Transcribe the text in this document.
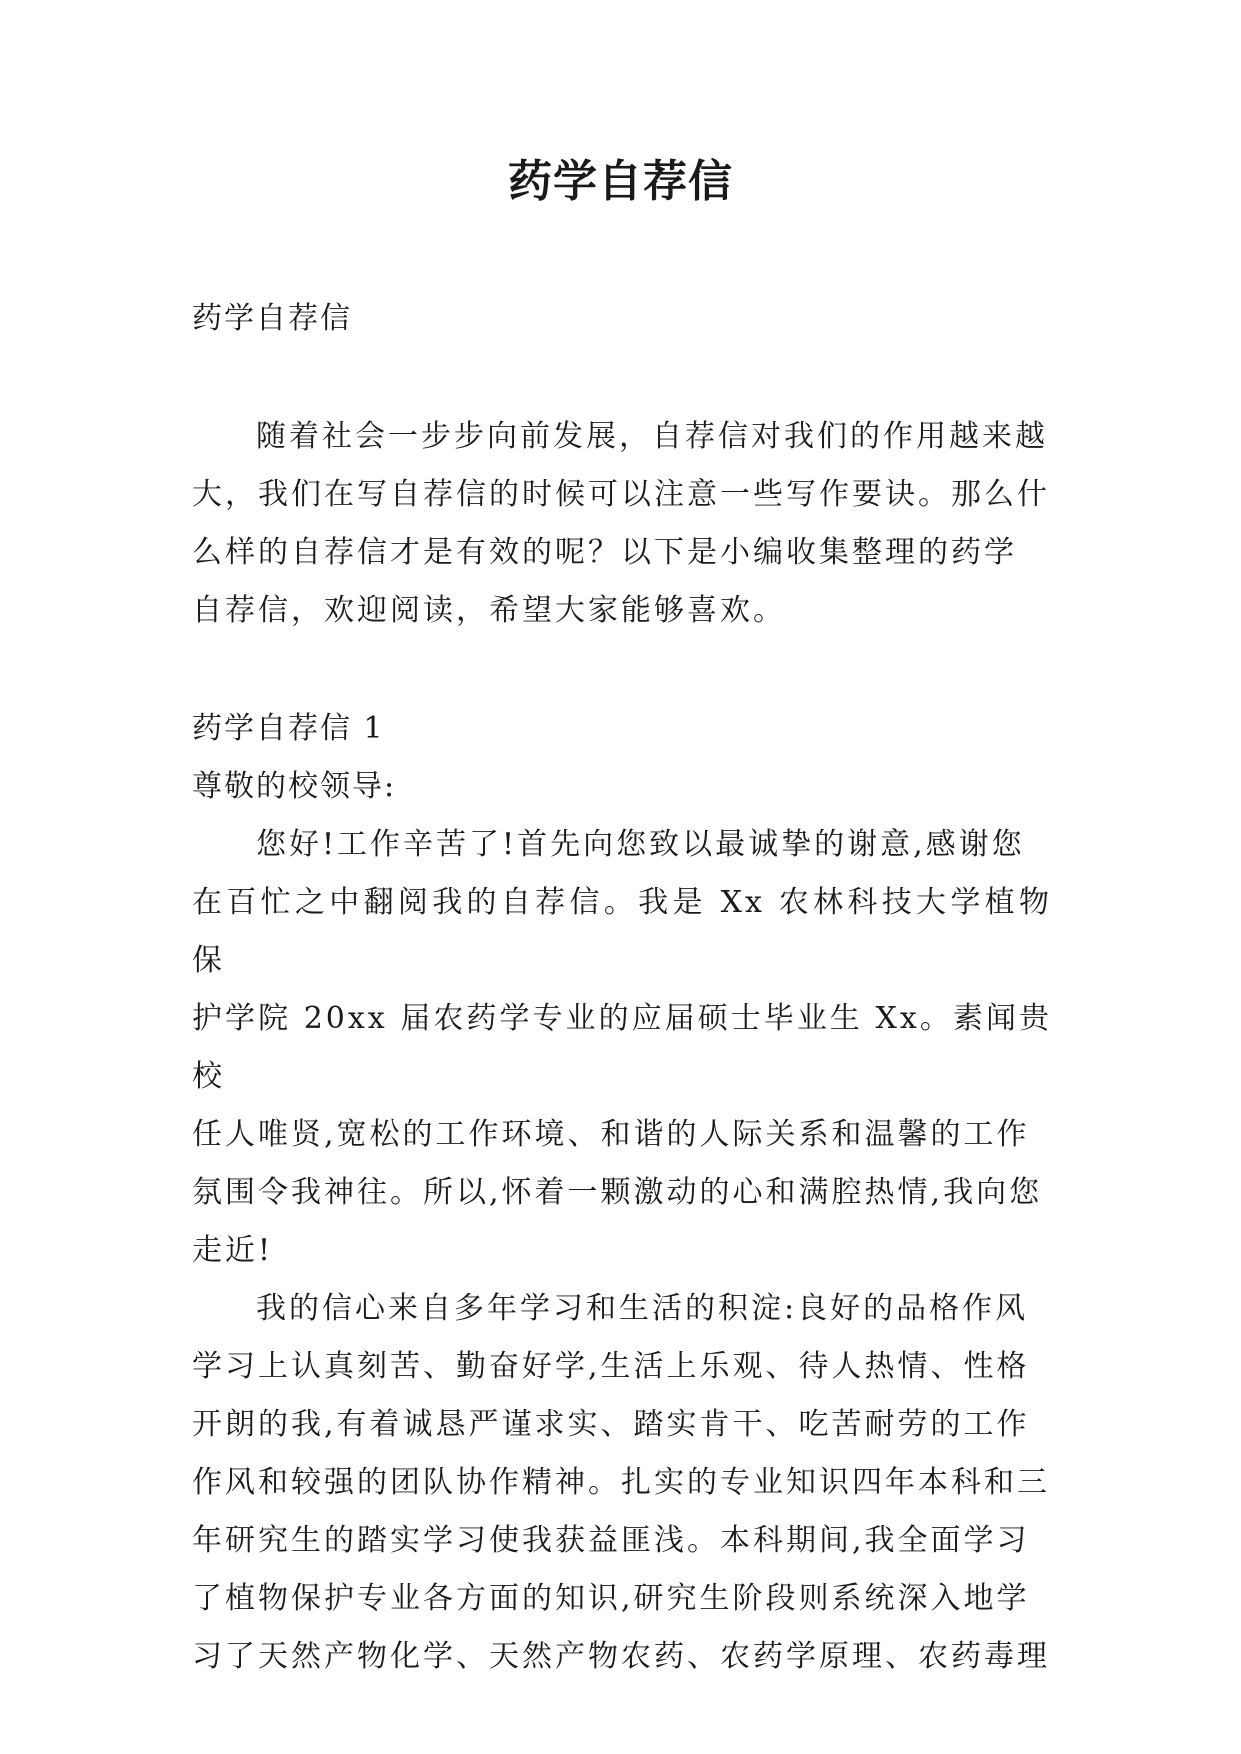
药学自荐信

药学自荐信

随着社会一步步向前发展，自荐信对我们的作用越来越
大，我们在写自荐信的时候可以注意一些写作要诀。那么什
么样的自荐信才是有效的呢？以下是小编收集整理的药学
自荐信，欢迎阅读，希望大家能够喜欢。

药学自荐信 1

尊敬的校领导:

您好!工作辛苦了!首先向您致以最诚挚的谢意,感谢您
在百忙之中翻阅我的自荐信。我是 Xx 农林科技大学植物保
护学院 20xx 届农药学专业的应届硕士毕业生 Xx。素闻贵校
任人唯贤,宽松的工作环境、和谐的人际关系和温馨的工作
氛围令我神往。所以,怀着一颗激动的心和满腔热情,我向您
走近!

我的信心来自多年学习和生活的积淀:良好的品格作风
学习上认真刻苦、勤奋好学,生活上乐观、待人热情、性格
开朗的我,有着诚恳严谨求实、踏实肯干、吃苦耐劳的工作
作风和较强的团队协作精神。扎实的专业知识四年本科和三
年研究生的踏实学习使我获益匪浅。本科期间,我全面学习
了植物保护专业各方面的知识,研究生阶段则系统深入地学
习了天然产物化学、天然产物农药、农药学原理、农药毒理
